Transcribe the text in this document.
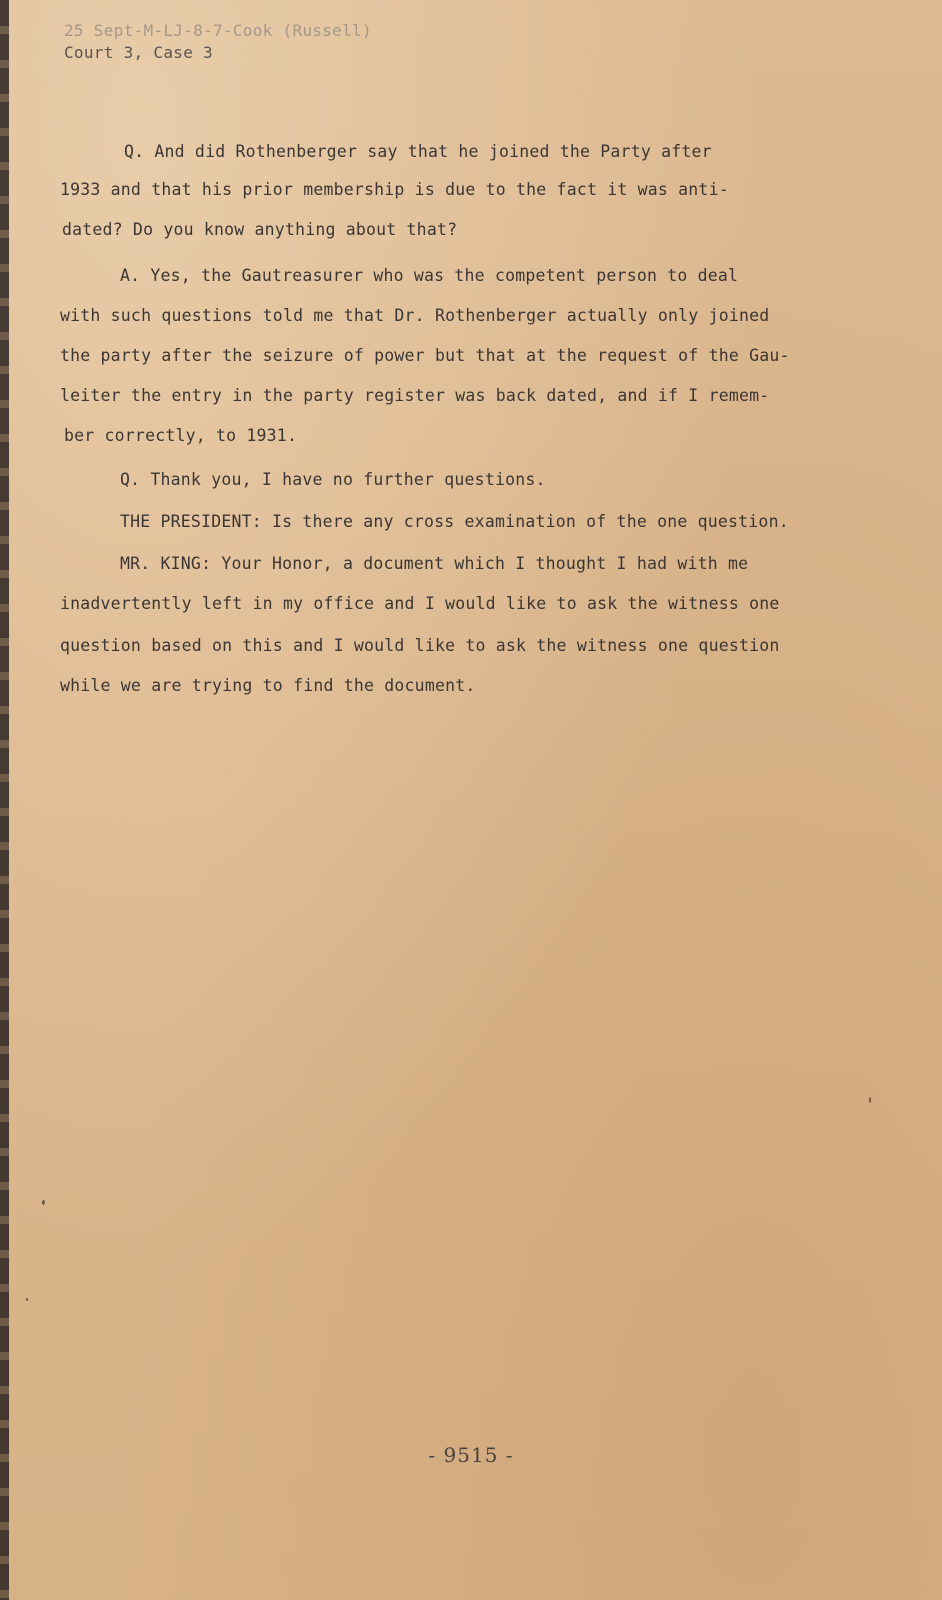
25 Sept-M-LJ-8-7-Cook (Russell)
Court 3, Case 3
Q. And did Rothenberger say that he joined the Party after
1933 and that his prior membership is due to the fact it was anti-
dated? Do you know anything about that?
A. Yes, the Gautreasurer who was the competent person to deal
with such questions told me that Dr. Rothenberger actually only joined
the party after the seizure of power but that at the request of the Gau-
leiter the entry in the party register was back dated, and if I remem-
ber correctly, to 1931.
Q. Thank you, I have no further questions.
THE PRESIDENT: Is there any cross examination of the one question.
MR. KING: Your Honor, a document which I thought I had with me
inadvertently left in my office and I would like to ask the witness one
question based on this and I would like to ask the witness one question
while we are trying to find the document.
- 9515 -
